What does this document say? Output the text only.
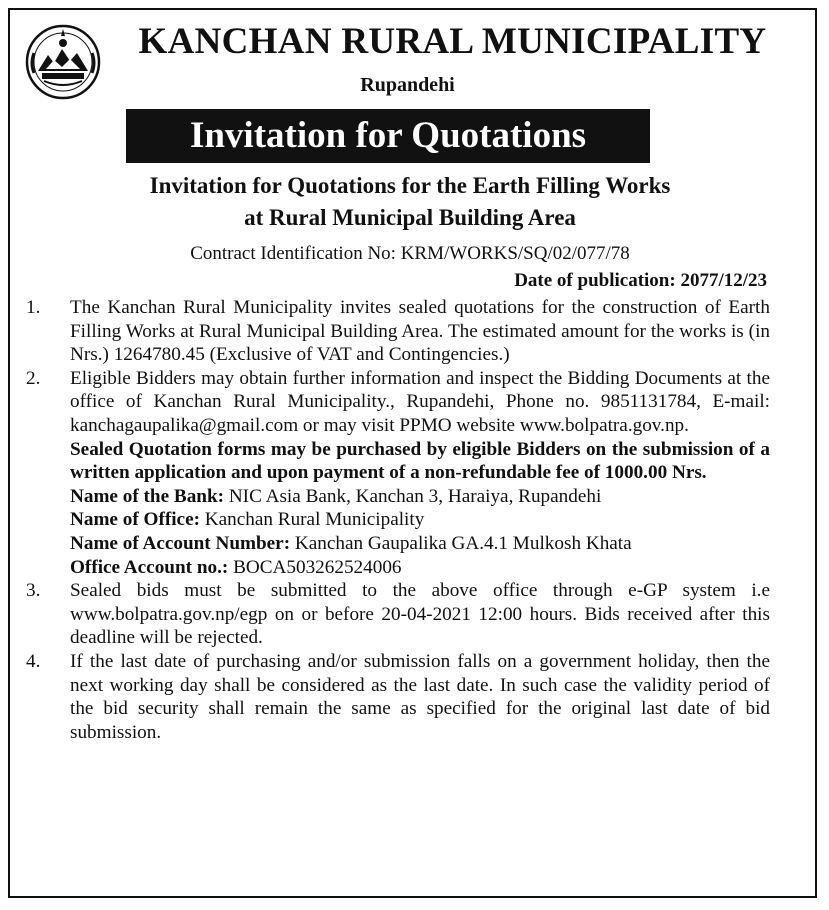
KANCHAN RURAL MUNICIPALITY
Rupandehi
Invitation for Quotations
Invitation for Quotations for the Earth Filling Works
at Rural Municipal Building Area
Contract Identification No: KRM/WORKS/SQ/02/077/78
Date of publication: 2077/12/23
1.	The Kanchan Rural Municipality invites sealed quotations for the construction of Earth Filling Works at Rural Municipal Building Area. The estimated amount for the works is (in Nrs.) 1264780.45 (Exclusive of VAT and Contingencies.)

2.	Eligible Bidders may obtain further information and inspect the Bidding Documents at the office of Kanchan Rural Municipality., Rupandehi, Phone no. 9851131784, E-mail: kanchagaupalika@gmail.com or may visit PPMO website www.bolpatra.gov.np.

Sealed Quotation forms may be purchased by eligible Bidders on the submission of a written application and upon payment of a non-refundable fee of 1000.00 Nrs.

Name of the Bank: NIC Asia Bank, Kanchan 3, Haraiya, Rupandehi

Name of Office: Kanchan Rural Municipality

Name of Account Number: Kanchan Gaupalika GA.4.1 Mulkosh Khata

Office Account no.: BOCA503262524006

3.	Sealed bids must be submitted to the above office through e-GP system i.e www.bolpatra.gov.np/egp on or before 20-04-2021 12:00 hours. Bids received after this deadline will be rejected.

4.	If the last date of purchasing and/or submission falls on a government holiday, then the next working day shall be considered as the last date. In such case the validity period of the bid security shall remain the same as specified for the original last date of bid submission.
